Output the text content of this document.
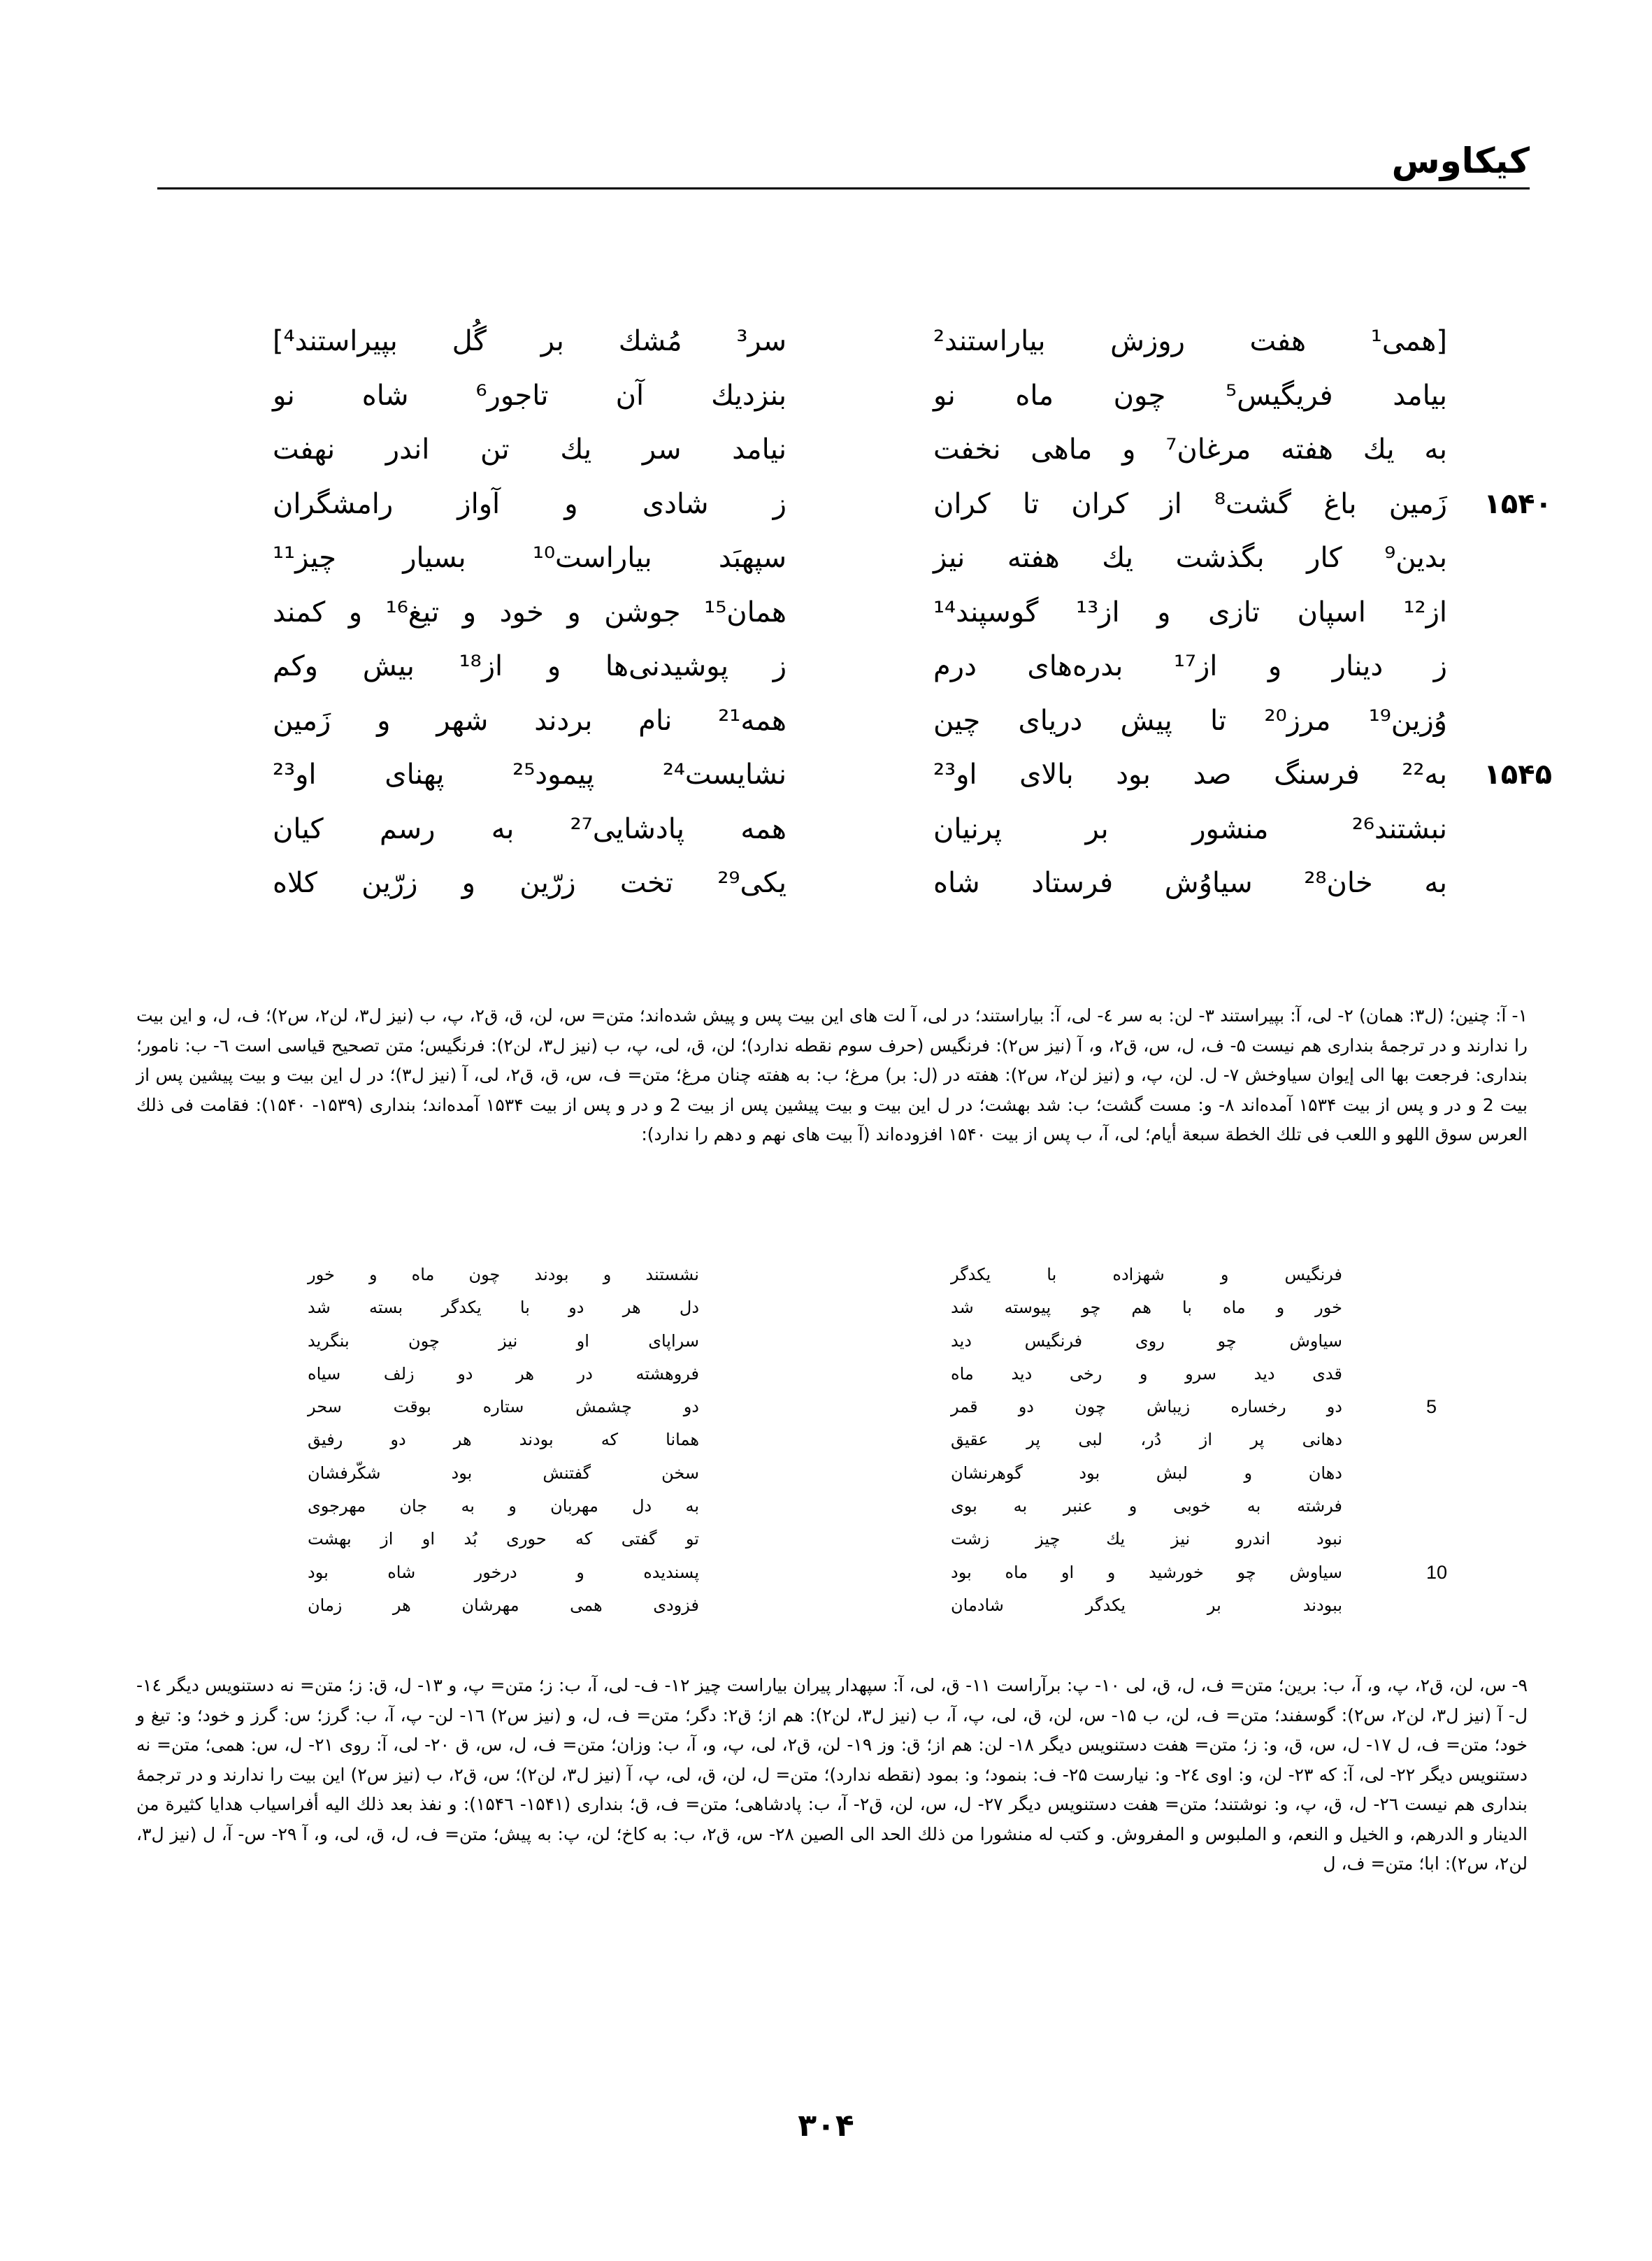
کیکاوس
[همی¹ هفت روزش بیاراستند²
سر³ مُشك بر گُل بپیراستند⁴]
بیامد فریگیس⁵ چون ماه نو
بنزدیك آن تاجور⁶ شاه نو
به یك هفته مرغان⁷ و ماهی نخفت
نیامد سر یك تن اندر نهفت
۱۵۴۰
زَمین باغ گشت⁸ از کران تا کران
ز شادی و آواز رامشگران
بدین⁹ کار بگذشت یك هفته نیز
سپهبَد بیاراست¹⁰ بسیار چیز¹¹
از¹² اسپان تازی و از¹³ گوسپند¹⁴
همان¹⁵ جوشن و خود و تیغ¹⁶ و کمند
ز دینار و از¹⁷ بدره‌های درم
ز پوشیدنی‌ها و از¹⁸ بیش وکم
وُزین¹⁹ مرز²⁰ تا پیش دریای چین
همه²¹ نام بردند شهر و زَمین
۱۵۴۵
به²² فرسنگ صد بود بالای او²³
نشایست²⁴ پیمود²⁵ پهنای او²³
نبشتند²⁶ منشور بر پرنیان
همه پادشایی²⁷ به رسم کیان
به خان²⁸ سیاوُش فرستاد شاه
یکی²⁹ تخت زرّین و زرّین کلاه

۱- آ: چنین؛ (ل۳: همان) ۲- لی، آ: بپیراستند ۳- لن: به سر ٤- لی، آ: بیاراستند؛ در لی، آ لت های این بیت پس و پیش شده‌اند؛ متن= س، لن، ق، ق۲، پ، ب (نیز ل۳، لن۲، س۲)؛ ف، ل، و این بیت را ندارند و در ترجمهٔ بنداری هم نیست ۵- ف، ل، س، ق۲، و، آ (نیز س۲): فرنگیس (حرف سوم نقطه ندارد)؛ لن، ق، لی، پ، ب (نیز ل۳، لن۲): فرنگیس؛ متن تصحیح قیاسی است ٦- ب: نامور؛ بنداری: فرجعت بها الی إیوان سیاوخش ۷- ل. لن، پ، و (نیز لن۲، س۲): هفته در (ل: بر) مرغ؛ ب: به هفته چنان مرغ؛ متن= ف، س، ق، ق۲، لی، آ (نیز ل۳)؛ در ل این بیت و بیت پیشین پس از بیت 2 و در و پس از بیت ۱۵۳۴ آمده‌اند ۸- و: مست گشت؛ ب: شد بهشت؛ در ل این بیت و بیت پیشین پس از بیت 2 و در و پس از بیت ۱۵۳۴ آمده‌اند؛ بنداری (۱۵۳۹- ۱۵۴۰): فقامت فی ذلك العرس سوق اللهو و اللعب فی تلك الخطة سبعة أیام؛ لی، آ، ب پس از بیت ۱۵۴۰ افزوده‌اند (آ بیت های نهم و دهم را ندارد):

فرنگیس و شهزاده با یکدگر
نشستند و بودند چون ماه و خور
خور و ماه با هم چو پیوسته شد
دل هر دو با یکدگر بسته شد
سیاوش چو روی فرنگیس دید
سراپای او نیز چون بنگرید
قدی دید سرو و رخی دید ماه
فروهشته در هر دو زلف سیاه
5
دو رخساره زیباش چون دو قمر
دو چشمش ستاره بوقت سحر
دهانی پر از دُر، لبی پر عقیق
همانا که بودند هر دو رفیق
دهان و لبش بود گوهرنشان
سخن گفتنش بود شکّرفشان
فرشته به خوبی و عنبر به بوی
به دل مهربان و به جان مهرجوی
نبود اندرو نیز یك چیز زشت
تو گفتی که حوری بُد او از بهشت
10
سیاوش چو خورشید و او ماه بود
پسندیده و درخور شاه بود
ببودند بر یکدگر شادمان
فزودی همی مهرشان هر زمان

۹- س، لن، ق۲، پ، و، آ، ب: برین؛ متن= ف، ل، ق، لی ۱۰- پ: برآراست ۱۱- ق، لی، آ: سپهدار پیران بیاراست چیز ۱۲- ف- لی، آ، ب: ز؛ متن= پ، و ۱۳- ل، ق: ز؛ متن= نه دستنویس دیگر ١٤- ل- آ (نیز ل۳، لن۲، س۲): گوسفند؛ متن= ف، لن، ب ۱۵- س، لن، ق، لی، پ، آ، ب (نیز ل۳، لن۲): هم از؛ ق۲: دگر؛ متن= ف، ل، و (نیز س۲) ۱٦- لن- پ، آ، ب: گرز؛ س: گرز و خود؛ و: تیغ و خود؛ متن= ف، ل ۱۷- ل، س، ق، و: ز؛ متن= هفت دستنویس دیگر ۱۸- لن: هم از؛ ق: وز ۱۹- لن، ق۲، لی، پ، و، آ، ب: وزان؛ متن= ف، ل، س، ق ۲۰- لی، آ: روی ۲۱- ل، س: همی؛ متن= نه دستنویس دیگر ۲۲- لی، آ: که ۲۳- لن، و: اوی ۲٤- و: نیارست ۲۵- ف: بنمود؛ و: بمود (نقطه ندارد)؛ متن= ل، لن، ق، لی، پ، آ (نیز ل۳، لن۲)؛ س، ق۲، ب (نیز س۲) این بیت را ندارند و در ترجمهٔ بنداری هم نیست ۲٦- ل، ق، پ، و: نوشتند؛ متن= هفت دستنویس دیگر ۲۷- ل، س، لن، ق۲- آ، ب: پادشاهی؛ متن= ف، ق؛ بنداری (۱۵۴۱- ۱۵۴٦): و نفذ بعد ذلك الیه أفراسیاب هدایا کثیرة من الدینار و الدرهم، و الخیل و النعم، و الملبوس و المفروش. و کتب له منشورا من ذلك الحد الی الصین ۲۸- س، ق۲، ب: به کاخ؛ لن، پ: به پیش؛ متن= ف، ل، ق، لی، و، آ ۲۹- س- آ، ل (نیز ل۳، لن۲، س۲): ابا؛ متن= ف، ل

۳۰۴
